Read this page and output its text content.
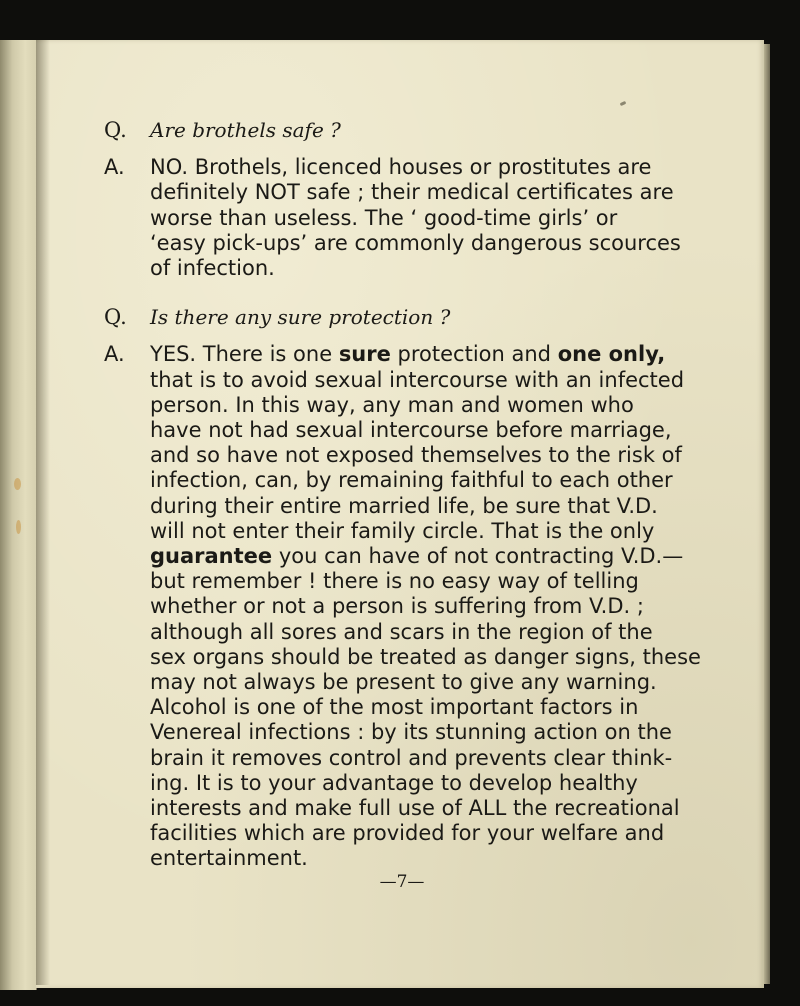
Q.	Are brothels safe ?
A.	NO. Brothels, licenced houses or prostitutes are
definitely NOT safe ; their medical certificates are
worse than useless. The ‘ good-time girls’ or
‘easy pick-ups’ are commonly dangerous scources
of infection.
Q.	Is there any sure protection ?
A.	YES. There is one sure protection and one only,
that is to avoid sexual intercourse with an infected
person. In this way, any man and women who
have not had sexual intercourse before marriage,
and so have not exposed themselves to the risk of
infection, can, by remaining faithful to each other
during their entire married life, be sure that V.D.
will not enter their family circle. That is the only
guarantee you can have of not contracting V.D.—
but remember ! there is no easy way of telling
whether or not a person is suffering from V.D. ;
although all sores and scars in the region of the
sex organs should be treated as danger signs, these
may not always be present to give any warning.
Alcohol is one of the most important factors in
Venereal infections : by its stunning action on the
brain it removes control and prevents clear think-
ing. It is to your advantage to develop healthy
interests and make full use of ALL the recreational
facilities which are provided for your welfare and
entertainment.
—7—
